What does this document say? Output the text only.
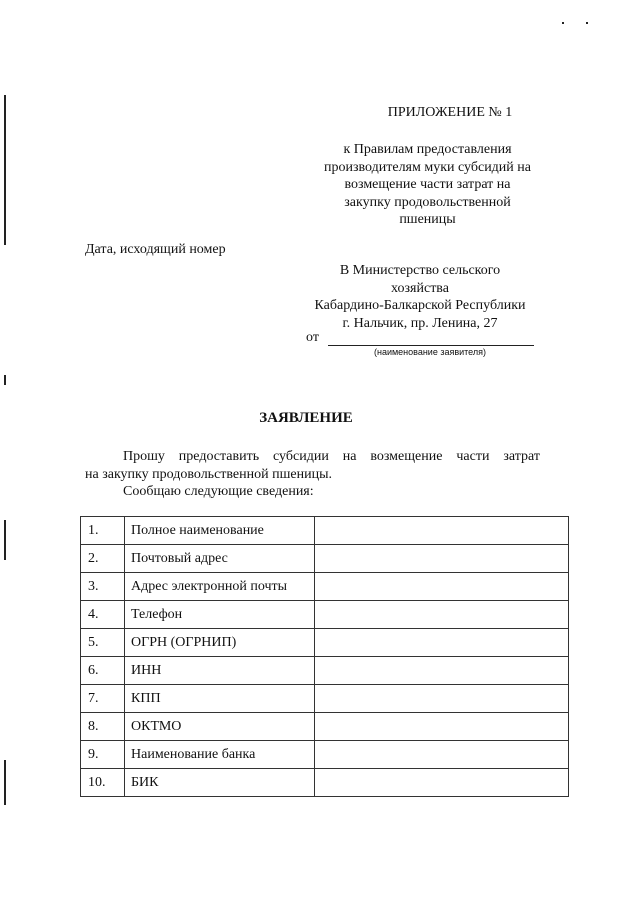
ПРИЛОЖЕНИЕ № 1
к Правилам предоставления
производителям муки субсидий на
возмещение части затрат на
закупку продовольственной
пшеницы
Дата, исходящий номер
В Министерство сельского
хозяйства
Кабардино-Балкарской Республики
г. Нальчик, пр. Ленина, 27
от
(наименование заявителя)
ЗАЯВЛЕНИЕ
Прошу предоставить субсидии на возмещение части затрат
на закупку продовольственной пшеницы.
Сообщаю следующие сведения:
1.	Полное наименование	
2.	Почтовый адрес	
3.	Адрес электронной почты	
4.	Телефон	
5.	ОГРН (ОГРНИП)	
6.	ИНН	
7.	КПП	
8.	ОКТМО	
9.	Наименование банка	
10.	БИК	
